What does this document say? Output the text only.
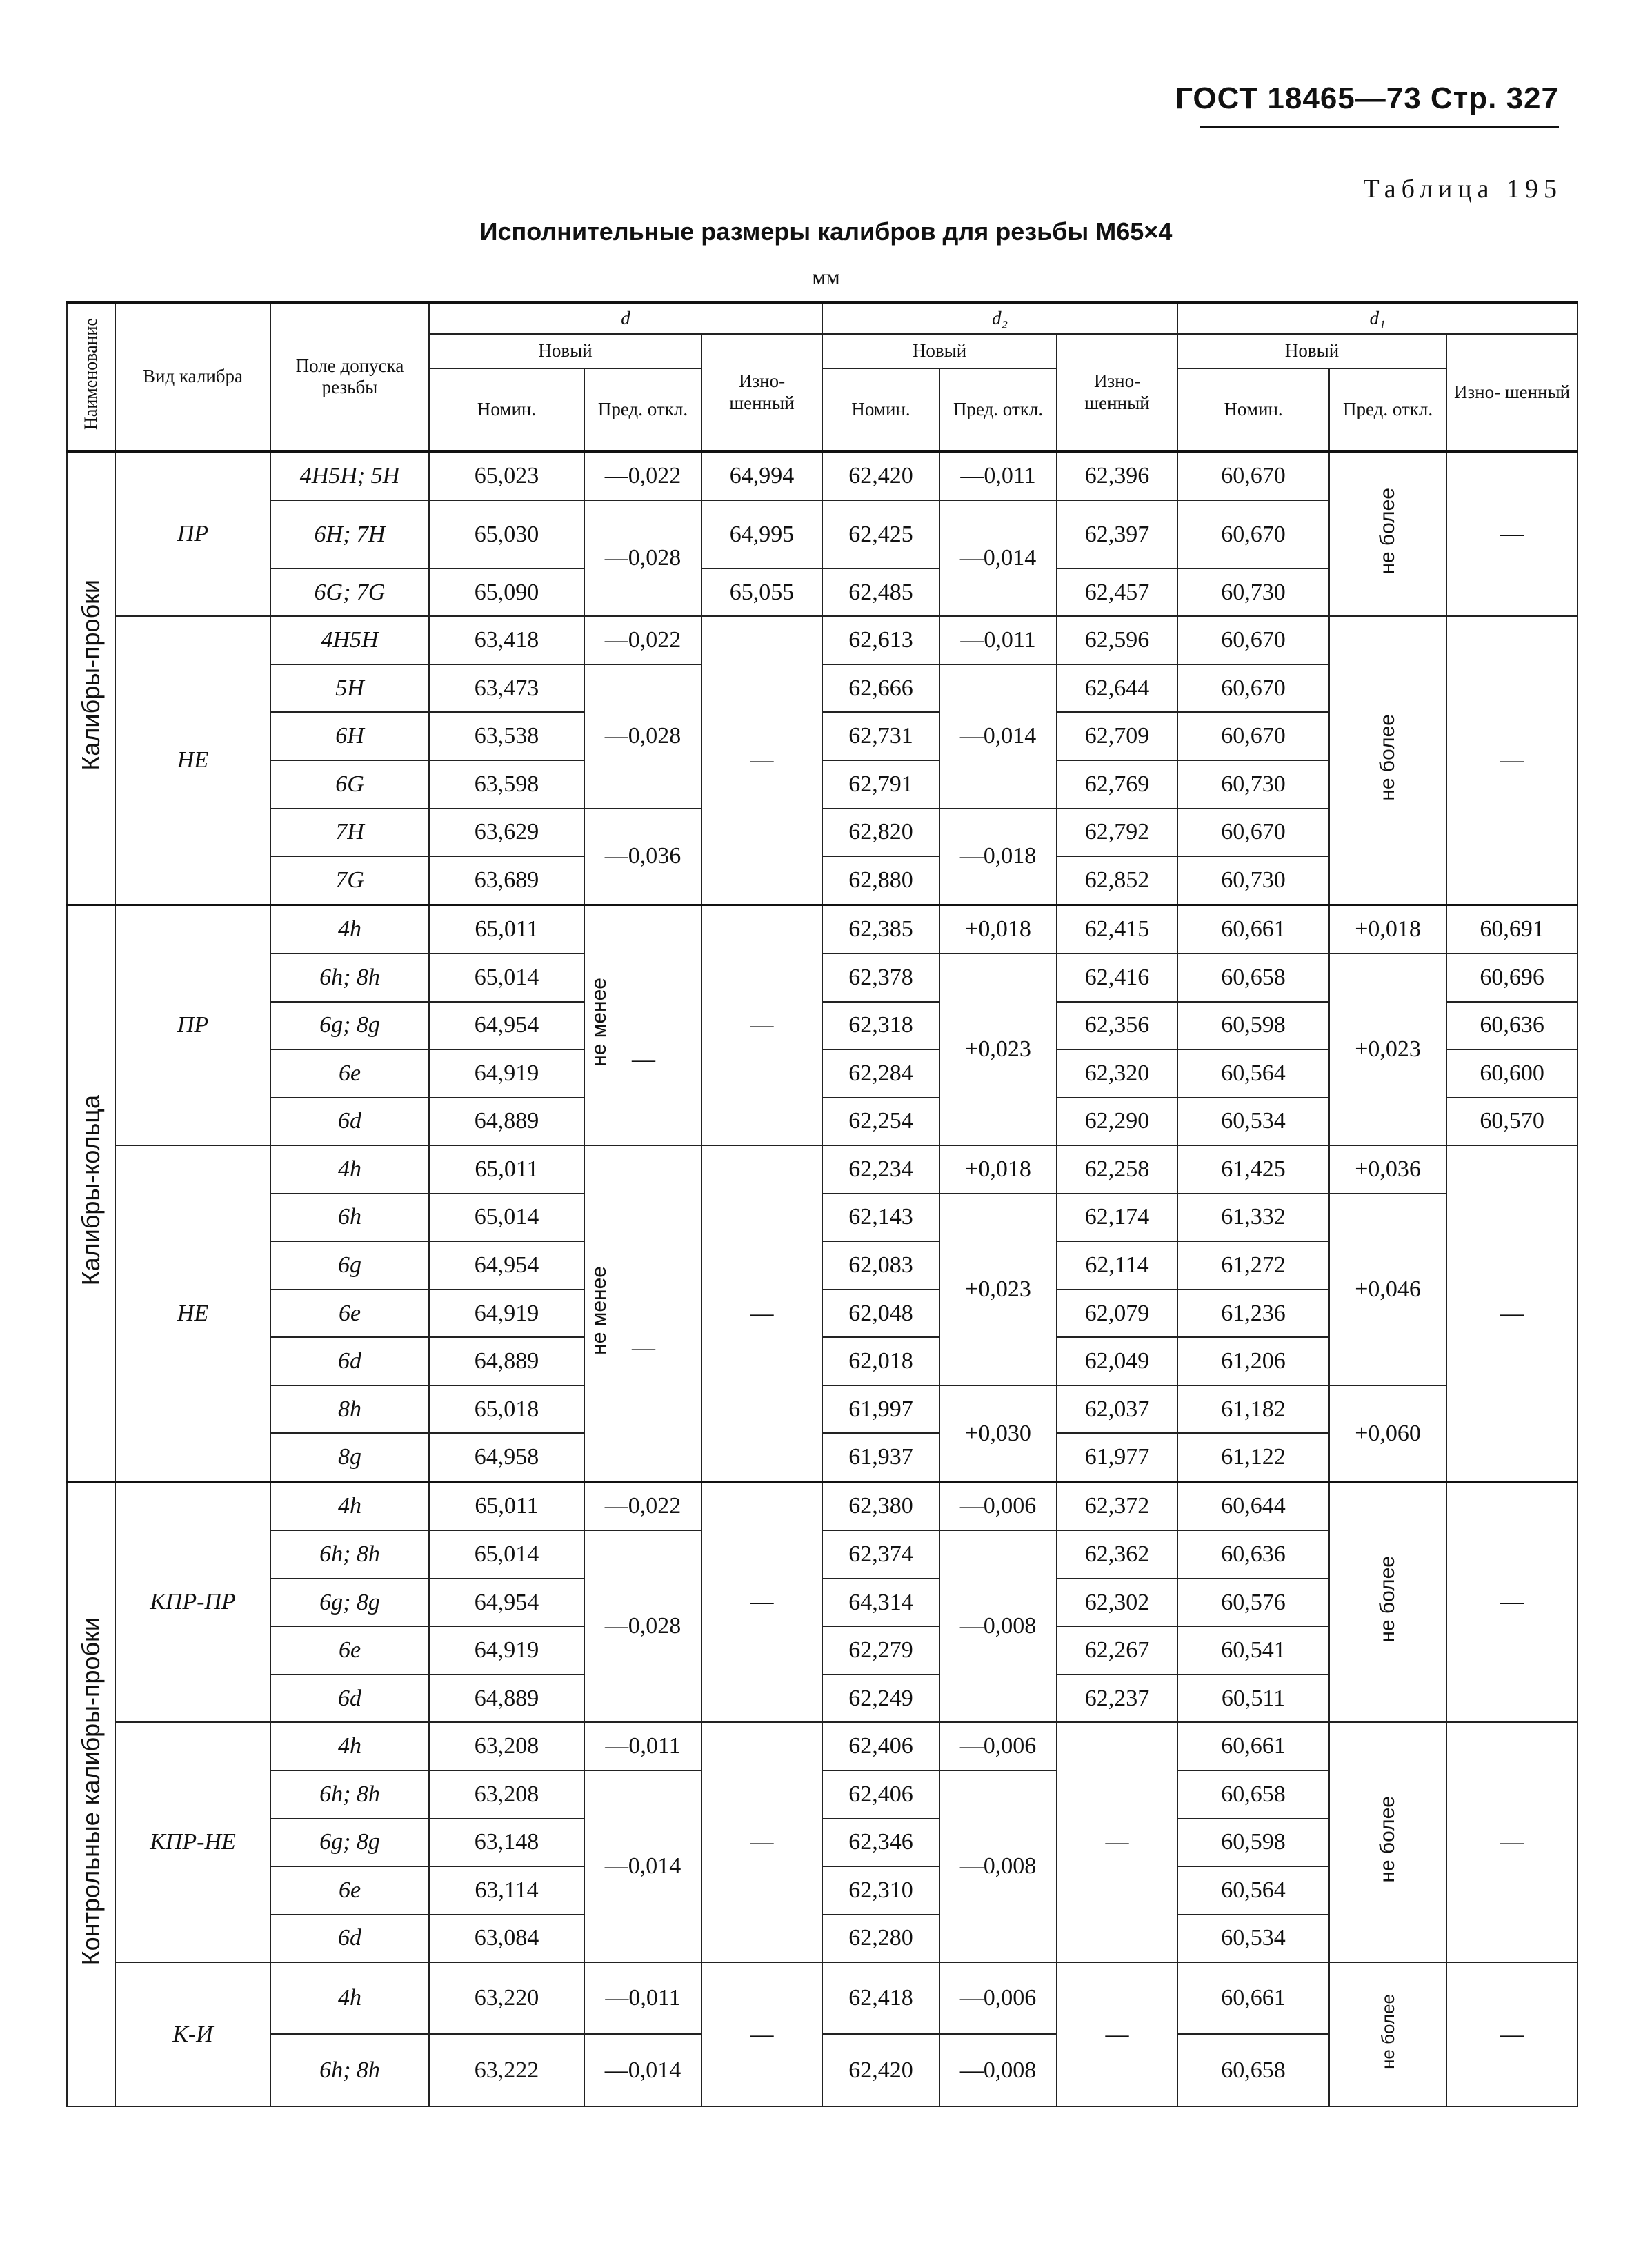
ГОСТ 18465—73 Стр. 327
Таблица 195
Исполнительные размеры калибров для резьбы М65×4
мм
Наименование	Вид калибра	Поле допуска резьбы	d			d₂			d₁		
			Новый		Изно- шенный	Новый		Изно- шенный	Новый		Изно- шенный
			Номин.	Пред. откл.		Номин.	Пред. откл.		Номин.	Пред. откл.	
Калибры-пробки	ПР	4H5H; 5H	65,023	—0,022	64,994	62,420	—0,011	62,396	60,670	не более	—
		6H; 7H	65,030	—0,028	64,995	62,425	—0,014	62,397	60,670		
		6G; 7G	65,090		65,055	62,485		62,457	60,730		
	НЕ	4H5H	63,418	—0,022	—	62,613	—0,011	62,596	60,670	не более	—
		5H	63,473	—0,028		62,666	—0,014	62,644	60,670		
		6H	63,538			62,731		62,709	60,670		
		6G	63,598			62,791		62,769	60,730		
		7H	63,629	—0,036		62,820	—0,018	62,792	60,670		
		7G	63,689			62,880		62,852	60,730		
Калибры-кольца	ПР	4h	65,011	не менее —	—	62,385	+0,018	62,415	60,661	+0,018	60,691
		6h; 8h	65,014			62,378	+0,023	62,416	60,658	+0,023	60,696
		6g; 8g	64,954			62,318		62,356	60,598		60,636
		6e	64,919			62,284		62,320	60,564		60,600
		6d	64,889			62,254		62,290	60,534		60,570
	НЕ	4h	65,011	не менее —	—	62,234	+0,018	62,258	61,425	+0,036	—
		6h	65,014			62,143	+0,023	62,174	61,332	+0,046	
		6g	64,954			62,083		62,114	61,272		
		6e	64,919			62,048		62,079	61,236		
		6d	64,889			62,018		62,049	61,206		
		8h	65,018			61,997	+0,030	62,037	61,182	+0,060	
		8g	64,958			61,937		61,977	61,122		
Контрольные калибры-пробки	КПР-ПР	4h	65,011	—0,022	—	62,380	—0,006	62,372	60,644	не более	—
		6h; 8h	65,014	—0,028		62,374	—0,008	62,362	60,636		
		6g; 8g	64,954			64,314		62,302	60,576		
		6e	64,919			62,279		62,267	60,541		
		6d	64,889			62,249		62,237	60,511		
	КПР-НЕ	4h	63,208	—0,011	—	62,406	—0,006	—	60,661	не более	—
		6h; 8h	63,208	—0,014		62,406	—0,008		60,658		
		6g; 8g	63,148			62,346			60,598		
		6e	63,114			62,310			60,564		
		6d	63,084			62,280			60,534		
	К-И	4h	63,220	—0,011	—	62,418	—0,006	—	60,661	не более	—
		6h; 8h	63,222	—0,014		62,420	—0,008		60,658		
